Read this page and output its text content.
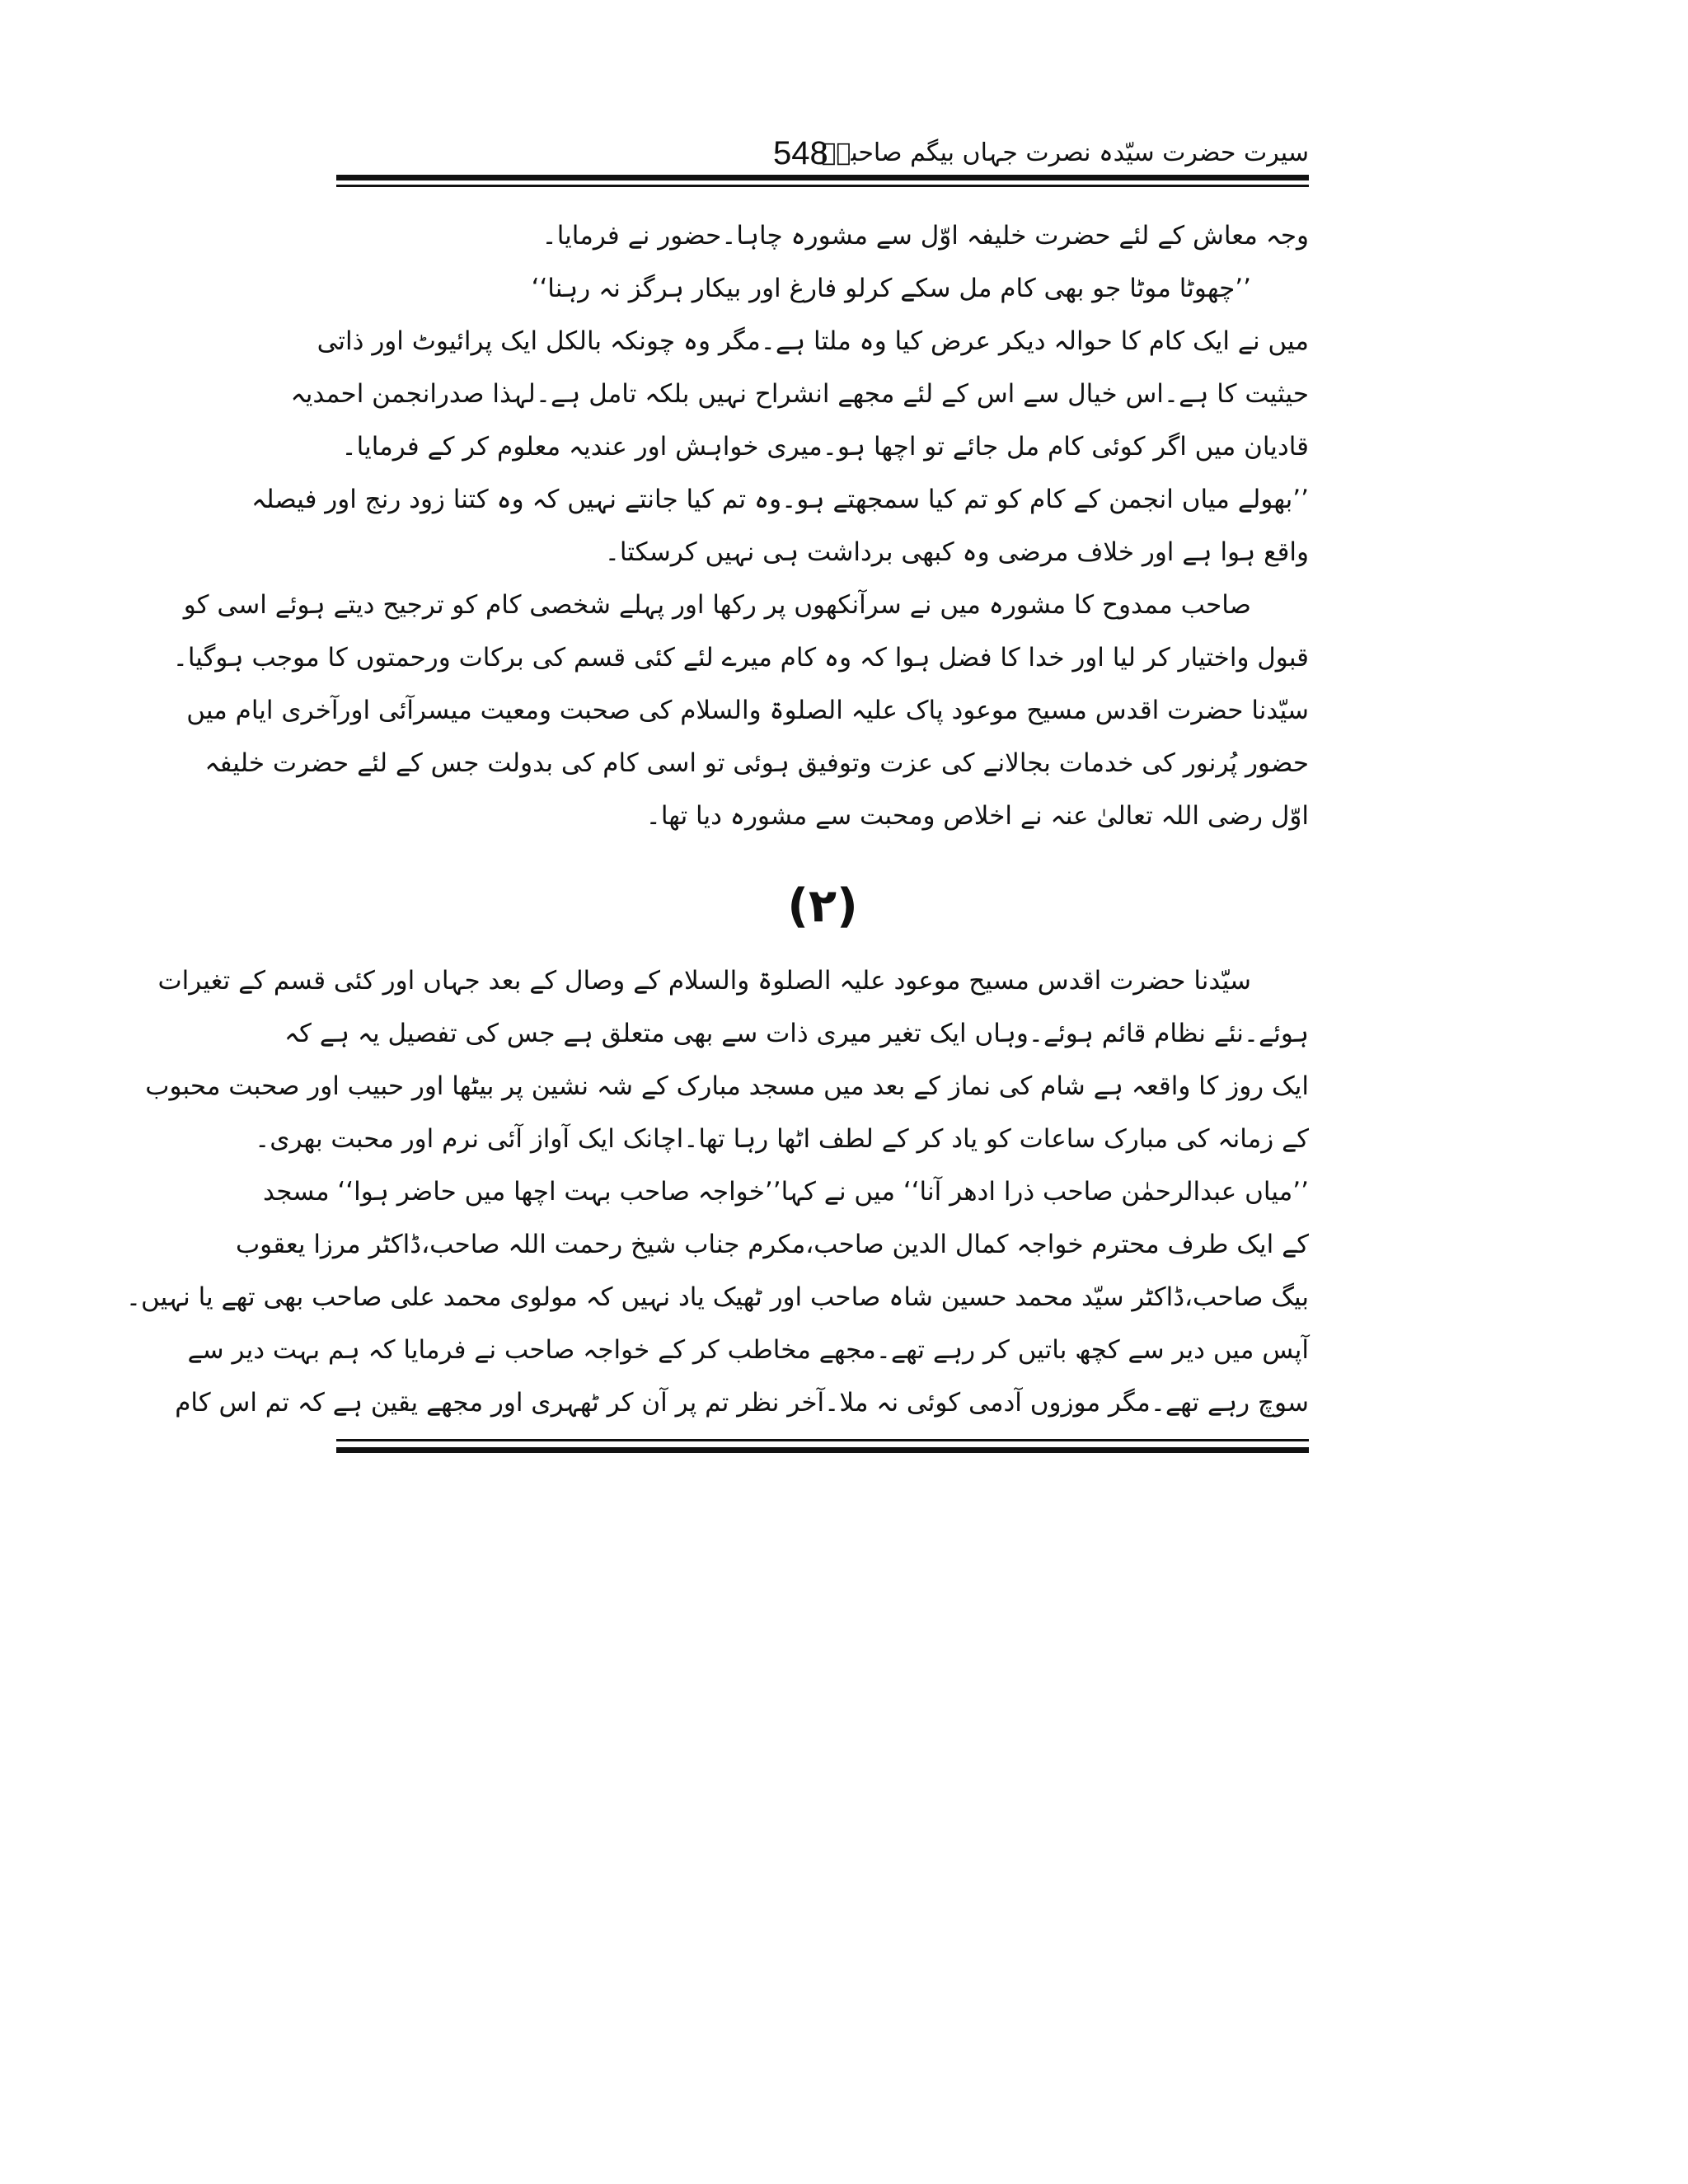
سیرت حضرت سیّدہ نصرت جہاں بیگم صاحبہؓ
548
وجہ معاش کے لئے حضرت خلیفہ اوّل سے مشورہ چاہا۔حضور نے فرمایا۔
’’چھوٹا موٹا جو بھی کام مل سکے کرلو فارغ اور بیکار ہرگز نہ رہنا‘‘
میں نے ایک کام کا حوالہ دیکر عرض کیا وہ ملتا ہے۔مگر وہ چونکہ بالکل ایک پرائیوٹ اور ذاتی
حیثیت کا ہے۔اس خیال سے اس کے لئے مجھے انشراح نہیں بلکہ تامل ہے۔لہذا صدرانجمن احمدیہ
قادیان میں اگر کوئی کام مل جائے تو اچھا ہو۔میری خواہش اور عندیہ معلوم کر کے فرمایا۔
’’بھولے میاں انجمن کے کام کو تم کیا سمجھتے ہو۔وہ تم کیا جانتے نہیں کہ وہ کتنا زود رنج اور فیصلہ
واقع ہوا ہے اور خلاف مرضی وہ کبھی برداشت ہی نہیں کرسکتا۔
صاحب ممدوح کا مشورہ میں نے سرآنکھوں پر رکھا اور پہلے شخصی کام کو ترجیح دیتے ہوئے اسی کو
قبول واختیار کر لیا اور خدا کا فضل ہوا کہ وہ کام میرے لئے کئی قسم کی برکات ورحمتوں کا موجب ہوگیا۔
سیّدنا حضرت اقدس مسیح موعود پاک علیہ الصلوۃ والسلام کی صحبت ومعیت میسرآئی اورآخری ایام میں
حضور پُرنور کی خدمات بجالانے کی عزت وتوفیق ہوئی تو اسی کام کی بدولت جس کے لئے حضرت خلیفہ
اوّل رضی اللہ تعالیٰ عنہ نے اخلاص ومحبت سے مشورہ دیا تھا۔
(۲)
سیّدنا حضرت اقدس مسیح موعود علیہ الصلوۃ والسلام کے وصال کے بعد جہاں اور کئی قسم کے تغیرات
ہوئے۔نئے نظام قائم ہوئے۔وہاں ایک تغیر میری ذات سے بھی متعلق ہے جس کی تفصیل یہ ہے کہ
ایک روز کا واقعہ ہے شام کی نماز کے بعد میں مسجد مبارک کے شہ نشین پر بیٹھا اور حبیب اور صحبت محبوب
کے زمانہ کی مبارک ساعات کو یاد کر کے لطف اٹھا رہا تھا۔اچانک ایک آواز آئی نرم اور محبت بھری۔
’’میاں عبدالرحمٰن صاحب ذرا ادھر آنا‘‘ میں نے کہا’’خواجہ صاحب بہت اچھا میں حاضر ہوا‘‘ مسجد
کے ایک طرف محترم خواجہ کمال الدین صاحب،مکرم جناب شیخ رحمت اللہ صاحب،ڈاکٹر مرزا یعقوب
بیگ صاحب،ڈاکٹر سیّد محمد حسین شاہ صاحب اور ٹھیک یاد نہیں کہ مولوی محمد علی صاحب بھی تھے یا نہیں۔
آپس میں دیر سے کچھ باتیں کر رہے تھے۔مجھے مخاطب کر کے خواجہ صاحب نے فرمایا کہ ہم بہت دیر سے
سوچ رہے تھے۔مگر موزوں آدمی کوئی نہ ملا۔آخر نظر تم پر آن کر ٹھہری اور مجھے یقین ہے کہ تم اس کام
